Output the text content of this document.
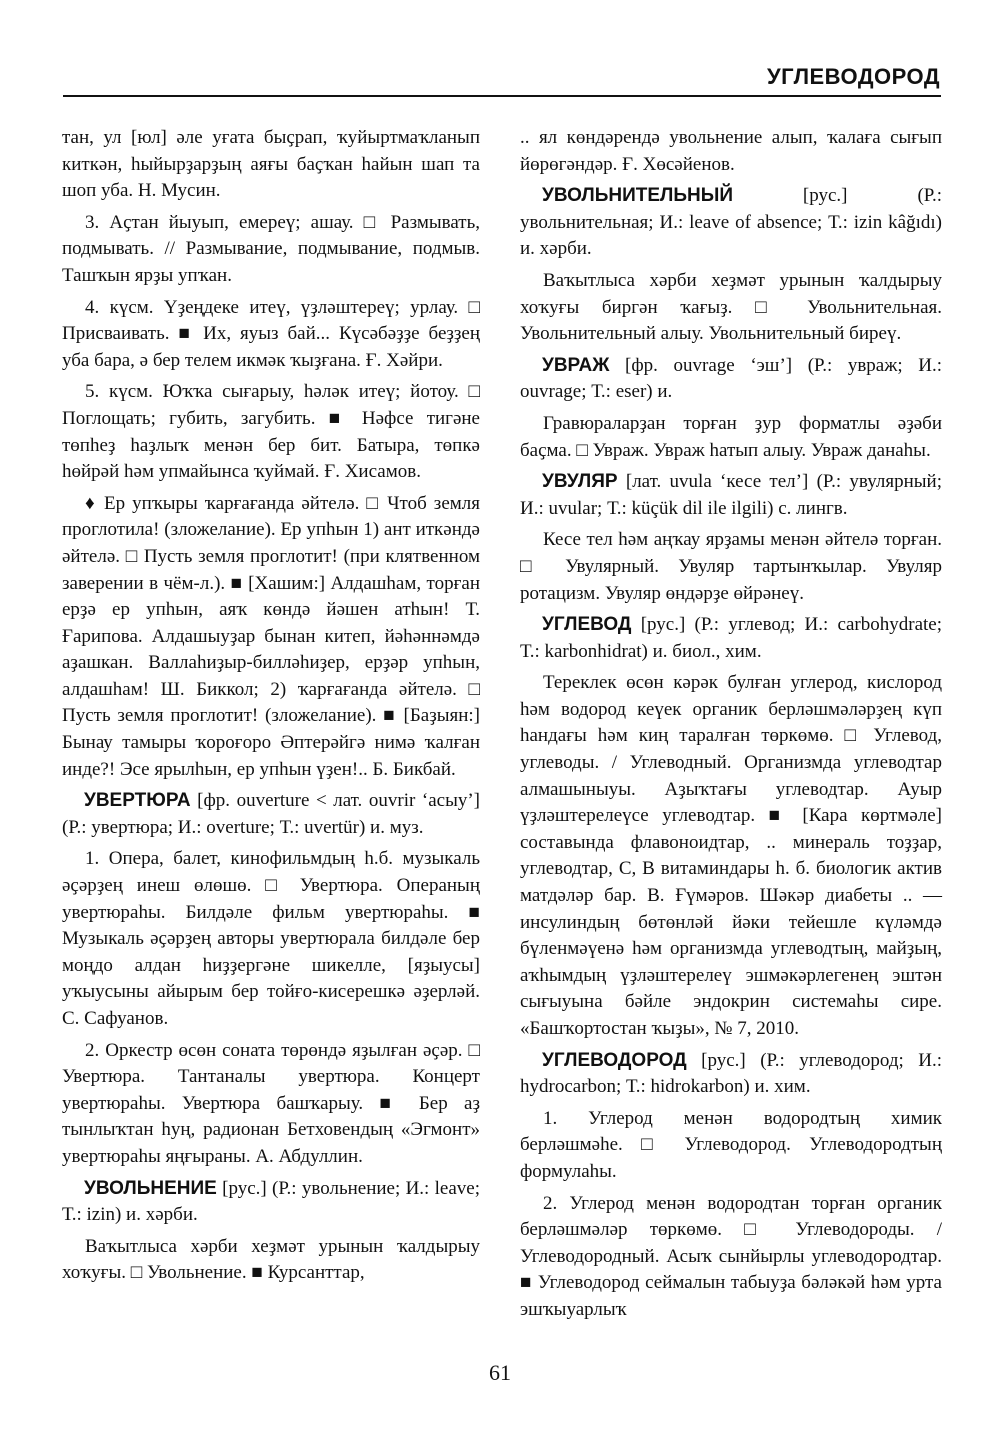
УГЛЕВОДОРОД

тан, ул [юл] әле уғата быҫрап, ҡуйыртмаҡланып киткән, һыйырҙарҙың аяғы баҫҡан һайын шап та шоп уба. Н. Мусин.

3. Аҫтан йыуып, емереү; ашау. □ Размывать, подмывать. // Размывание, подмывание, подмыв. Ташҡын ярҙы упҡан.

4. күсм. Үҙеңдеке итеү, үҙләштереү; урлау. □ Присваивать. ■ Их, яуыз бай... Күсәбәҙҙе беҙҙең уба бара, ә бер телем икмәк ҡыҙғана. Ғ. Хәйри.

5. күсм. Юҡҡа сығарыу, һәләк итеү; йотоу. □ Поглощать; губить, загубить. ■ Нәфсе тигәне төпһеҙ һаҙлыҡ менән бер бит. Батыра, төпкә һөйрәй һәм упмайынса ҡуймай. Ғ. Хисамов.

♦ Ер упҡыры ҡарғағанда әйтелә. □ Чтоб земля проглотила! (зложелание). Ер упһын 1) ант иткәндә әйтелә. □ Пусть земля проглотит! (при клятвенном заверении в чём-л.). ■ [Хашим:] Алдашһам, торған ерҙә ер упһын, аяҡ көндә йәшен атһын! Т. Ғарипова. Алдашыуҙар бынан китеп, йәһәннәмдә аҙашкан. Валлаһиҙыр-билләһиҙер, ерҙәр упһын, алдашһам! Ш. Биккол; 2) ҡарғағанда әйтелә. □ Пусть земля проглотит! (зложелание). ■ [Баҙыян:] Бынау тамыры ҡороғоро Әптерәйгә нимә ҡалған инде?! Эсе ярылһын, ер упһын үҙен!.. Б. Бикбай.

УВЕРТЮРА [фр. ouverture < лат. ouvrir ‘асыу’] (Р.: увертюра; И.: overture; Т.: uvertür) и. муз.

1. Опера, балет, кинофильмдың һ.б. музыкаль әҫәрҙең инеш өлөшө. □ Увертюра. Операның увертюраһы. Билдәле фильм увертюраһы. ■ Музыкаль әҫәрҙең авторы увертюрала билдәле бер моңдо алдан һиҙҙергәне шикелле, [яҙыусы] уҡыусыны айырым бер тойғо-кисерешкә әҙерләй. С. Сафуанов.

2. Оркестр өсөн соната төрөндә яҙылған әҫәр. □ Увертюра. Тантаналы увертюра. Концерт увертюраһы. Увертюра башҡарыу. ■ Бер аҙ тынлыҡтан һуң, радионан Бетховендың «Эгмонт» увертюраһы яңғыраны. А. Абдуллин.

УВОЛЬНЕНИЕ [рус.] (Р.: увольнение; И.: leave; Т.: izin) и. хәрби.

Ваҡытлыса хәрби хеҙмәт урынын ҡалдырыу хоҡуғы. □ Увольнение. ■ Курсанттар,

.. ял көндәрендә увольнение алып, ҡалаға сығып йөрөгәндәр. Ғ. Хөсәйенов.

УВОЛЬНИТЕЛЬНЫЙ	[рус.] (Р.: увольнительная; И.: leave of absence; Т.: izin kâğıdı) и. хәрби.

Ваҡытлыса хәрби хеҙмәт урынын ҡалдырыу хоҡуғы биргән ҡағыҙ. □ Увольнительная. Увольнительный алыу. Увольнительный биреү.

УВРАЖ [фр. ouvrage ‘эш’] (Р.: увраж; И.: ouvrage; Т.: eser) и.

Гравюраларҙан торған ҙур форматлы әҙәби баҫма. □ Увраж. Увраж һатып алыу. Увраж данаһы.

УВУЛЯР [лат. uvula ‘кесе тел’] (Р.: увулярный; И.: uvular; Т.: küçük dil ile ilgili) с. лингв.

Кесе тел һәм аңҡау ярҙамы менән әйтелә торған. □ Увулярный. Увуляр тартынҡылар. Увуляр ротацизм. Увуляр өндәрҙе өйрәнеү.

УГЛЕВОД [рус.] (Р.: углевод; И.: carbohydrate; Т.: karbonhidrat) и. биол., хим.

Тереклек өсөн кәрәк булған углерод, кислород һәм водород кеүек органик берләшмәләрҙең күп һандағы һәм киң таралған төркөмө. □ Углевод, углеводы. / Углеводный. Организмда углеводтар алмашыныуы. Аҙыҡтағы углеводтар. Ауыр үҙләштерелеүсе углеводтар. ■ [Кара көртмәле] составында флавоноидтар, .. минераль тоҙҙар, углеводтар, С, В витаминдары һ. б. биологик актив матдәләр бар. В. Ғүмәров. Шәкәр диабеты .. — инсулиндың бөтөнләй йәки тейешле күләмдә бүленмәүенә һәм организмда углеводтың, майҙың, аҡһымдың үҙләштерелеү эшмәкәрлегенең эштән сығыуына бәйле эндокрин системаһы сире. «Башҡортостан ҡыҙы», № 7, 2010.

УГЛЕВОДОРОД [рус.] (Р.: углеводород; И.: hydrocarbon; Т.: hidrokarbon) и. хим.

1. Углерод менән водородтың химик берләшмәһе. □ Углеводород. Углеводородтың формулаһы.

2. Углерод менән водородтан торған органик берләшмәләр төркөмө. □ Углеводороды. / Углеводородный. Асыҡ сынйырлы углеводородтар. ■ Углеводород сеймалын табыуҙа бәләкәй һәм урта эшҡыуарлыҡ

61
